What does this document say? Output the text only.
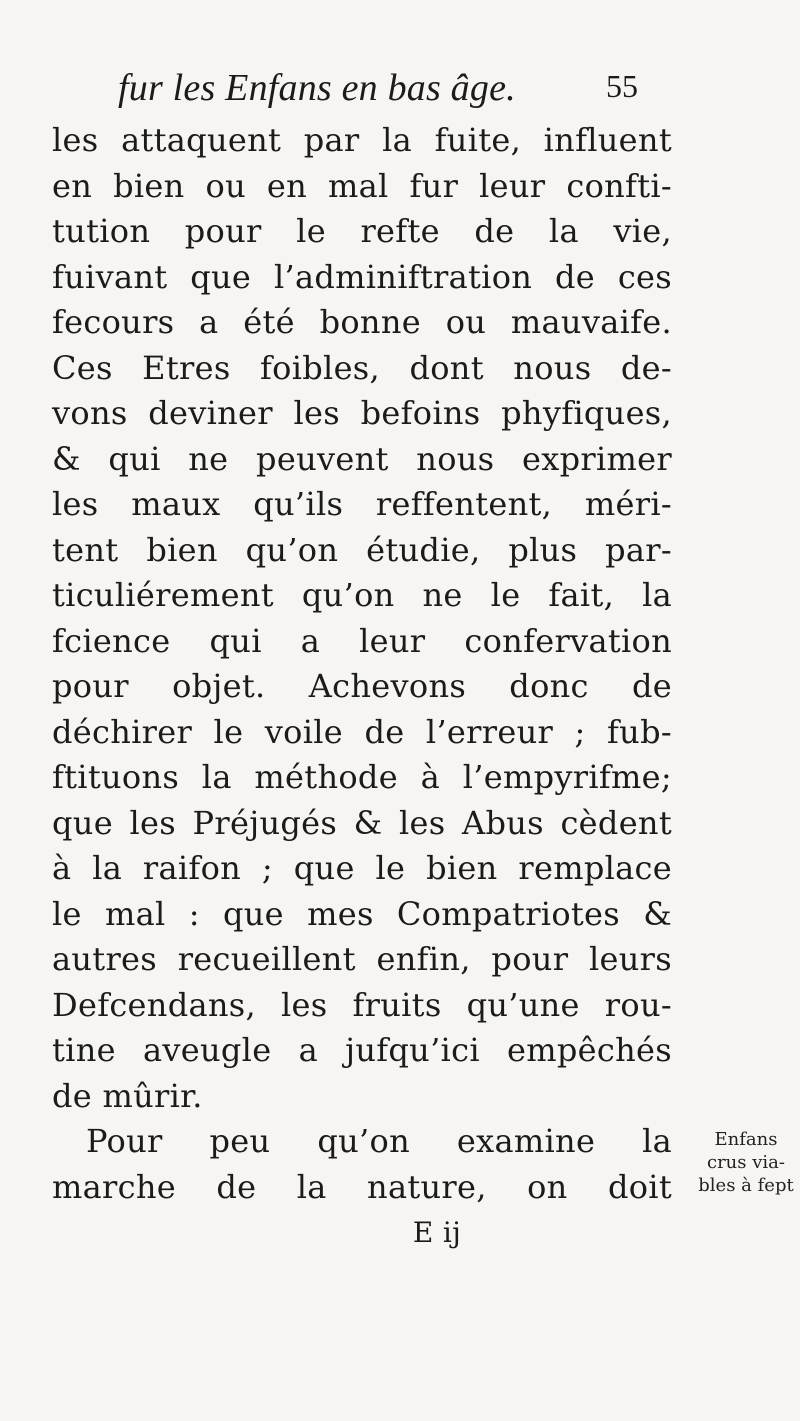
fur les Enfans en bas âge.	55
les attaquent par la fuite, influent
en bien ou en mal fur leur confti-
tution pour le refte de la vie,
fuivant que l’adminiftration de ces
fecours a été bonne ou mauvaife.
Ces Etres foibles, dont nous de-
vons deviner les befoins phyfiques,
& qui ne peuvent nous exprimer
les maux qu’ils reffentent, méri-
tent bien qu’on étudie, plus par-
ticuliérement qu’on ne le fait, la
fcience qui a leur confervation
pour objet. Achevons donc de
déchirer le voile de l’erreur ; fub-
ftituons la méthode à l’empyrifme;
que les Préjugés & les Abus cèdent
à la raifon ; que le bien remplace
le mal : que mes Compatriotes &
autres recueillent enfin, pour leurs
Defcendans, les fruits qu’une rou-
tine aveugle a jufqu’ici empêchés
de mûrir.
Pour peu qu’on examine la
marche de la nature, on doit
E ij
Enfans
crus via-
bles à fept
